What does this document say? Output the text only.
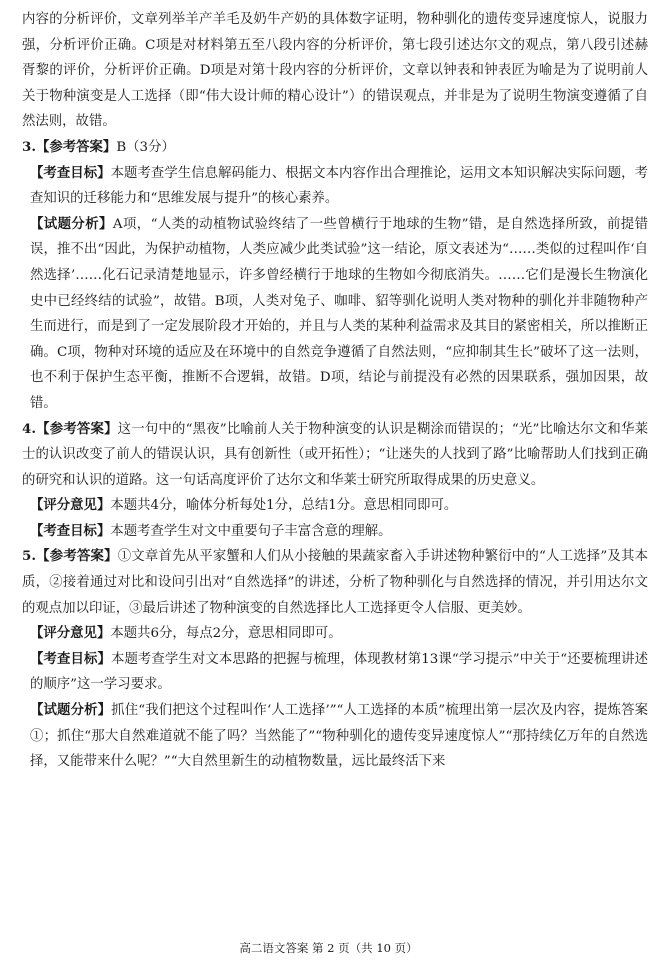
内容的分析评价，文章列举羊产羊毛及奶牛产奶的具体数字证明，物种驯化的遗传变异速度惊人，说服力强，分析评价正确。C项是对材料第五至八段内容的分析评价，第七段引述达尔文的观点，第八段引述赫胥黎的评价，分析评价正确。D项是对第十段内容的分析评价，文章以钟表和钟表匠为喻是为了说明前人关于物种演变是人工选择（即“伟大设计师的精心设计”）的错误观点，并非是为了说明生物演变遵循了自然法则，故错。

3.【参考答案】B（3分）

【考查目标】本题考查学生信息解码能力、根据文本内容作出合理推论，运用文本知识解决实际问题，考查知识的迁移能力和“思维发展与提升”的核心素养。

【试题分析】A项，“人类的动植物试验终结了一些曾横行于地球的生物”错，是自然选择所致，前提错误，推不出“因此，为保护动植物，人类应减少此类试验”这一结论，原文表述为“……类似的过程叫作‘自然选择’……化石记录清楚地显示，许多曾经横行于地球的生物如今彻底消失。……它们是漫长生物演化史中已经终结的试验”，故错。B项，人类对兔子、咖啡、貂等驯化说明人类对物种的驯化并非随物种产生而进行，而是到了一定发展阶段才开始的，并且与人类的某种利益需求及其目的紧密相关，所以推断正确。C项，物种对环境的适应及在环境中的自然竞争遵循了自然法则，“应抑制其生长”破坏了这一法则，也不利于保护生态平衡，推断不合逻辑，故错。D项，结论与前提没有必然的因果联系，强加因果，故错。

4.【参考答案】这一句中的“黑夜”比喻前人关于物种演变的认识是糊涂而错误的；“光”比喻达尔文和华莱士的认识改变了前人的错误认识，具有创新性（或开拓性）；“让迷失的人找到了路”比喻帮助人们找到正确的研究和认识的道路。这一句话高度评价了达尔文和华莱士研究所取得成果的历史意义。

【评分意见】本题共4分，喻体分析每处1分，总结1分。意思相同即可。

【考查目标】本题考查学生对文中重要句子丰富含意的理解。

5.【参考答案】①文章首先从平家蟹和人们从小接触的果蔬家畜入手讲述物种繁衍中的“人工选择”及其本质，②接着通过对比和设问引出对“自然选择”的讲述，分析了物种驯化与自然选择的情况，并引用达尔文的观点加以印证，③最后讲述了物种演变的自然选择比人工选择更令人信服、更美妙。

【评分意见】本题共6分，每点2分，意思相同即可。

【考查目标】本题考查学生对文本思路的把握与梳理，体现教材第13课“学习提示”中关于“还要梳理讲述的顺序”这一学习要求。

【试题分析】抓住“我们把这个过程叫作‘人工选择’”“人工选择的本质”梳理出第一层次及内容，提炼答案①；抓住“那大自然难道就不能了吗？当然能了”“物种驯化的遗传变异速度惊人”“那持续亿万年的自然选择，又能带来什么呢？”“大自然里新生的动植物数量，远比最终活下来

高二语文答案 第 2 页（共 10 页）
